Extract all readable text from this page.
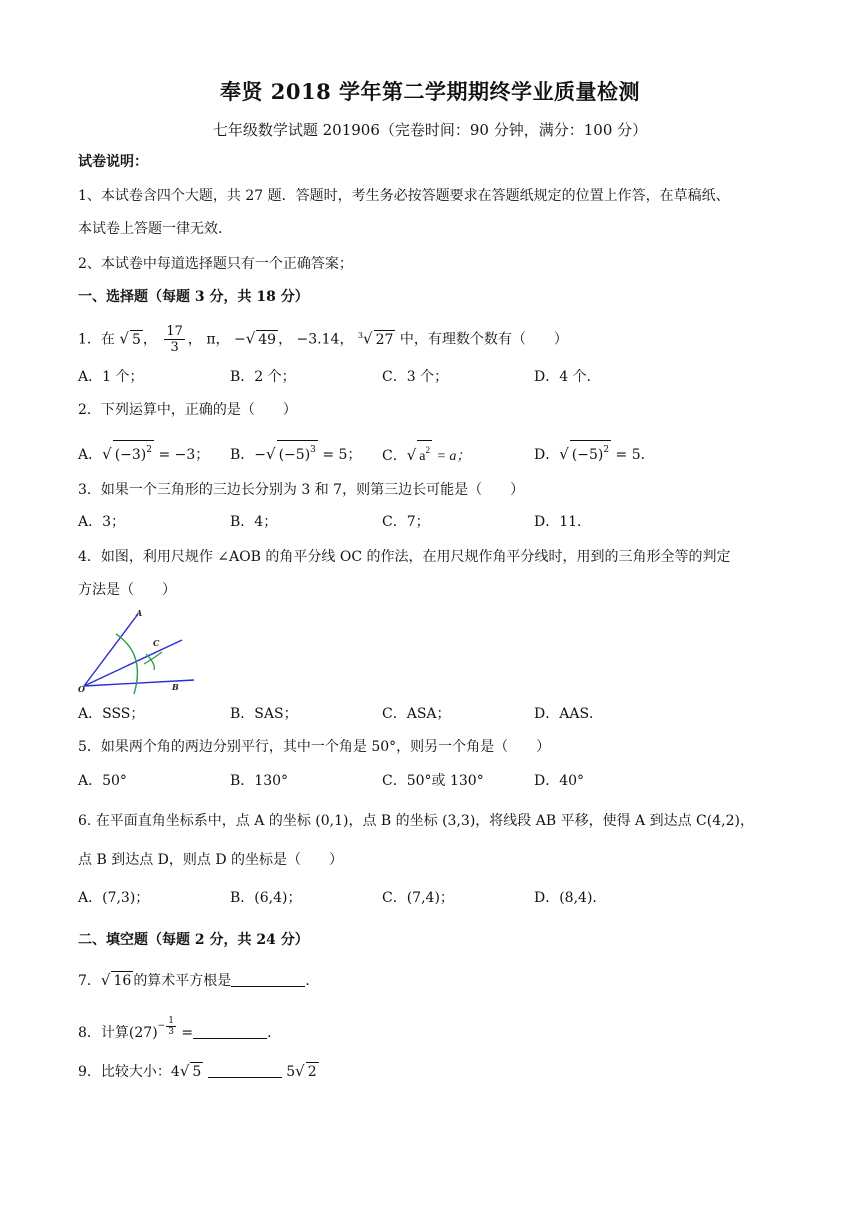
奉贤 2018 学年第二学期期终学业质量检测
七年级数学试题 201906（完卷时间：90 分钟，满分：100 分）
试卷说明：
1、本试卷含四个大题，共 27 题．答题时，考生务必按答题要求在答题纸规定的位置上作答，在草稿纸、
本试卷上答题一律无效．
2、本试卷中每道选择题只有一个正确答案；
一、选择题（每题 3 分，共 18 分）
1．在 √ 5 ， $\frac{17}{3}$ ， π， −√ 49 ， −3.14， $^3$√ 27 中，有理数个数有（　　）
A．1 个；	B．2 个；	C．3 个；	D．4 个．
2．下列运算中，正确的是（　　）
A．√ $(-3)^2 = -3$； B．−√ $(-5)^3 = 5$； C．√ $a^2 = a$；	D．√ $(-5)^2 = 5$．
3．如果一个三角形的三边长分别为 3 和 7，则第三边长可能是（　　）
A．3；	B．4；	C．7；	D．11．
4．如图，利用尺规作 ∠AOB 的角平分线 OC 的作法，在用尺规作角平分线时，用到的三角形全等的判定
方法是（　　）
A
C
O	B
A．SSS；	B．SAS；	C．ASA；	D．AAS．
5．如果两个角的两边分别平行，其中一个角是 50°，则另一个角是（　　）
A．50°	B．130°	C．50°或 130°	D．40°
6. 在平面直角坐标系中，点 A 的坐标 (0,1)，点 B 的坐标 (3,3)，将线段 AB 平移，使得 A 到达点 C(4,2)，
点 B 到达点 D，则点 D 的坐标是（　　）
A．(7,3)；	B．(6,4)；	C．(7,4)；	D．(8,4)．
二、填空题（每题 2 分，共 24 分）
7．√ 16 的算术平方根是	．
8．计算$(27) - \frac{1}{3}$ =	．
9．比较大小：4√ 5	5√ 2
